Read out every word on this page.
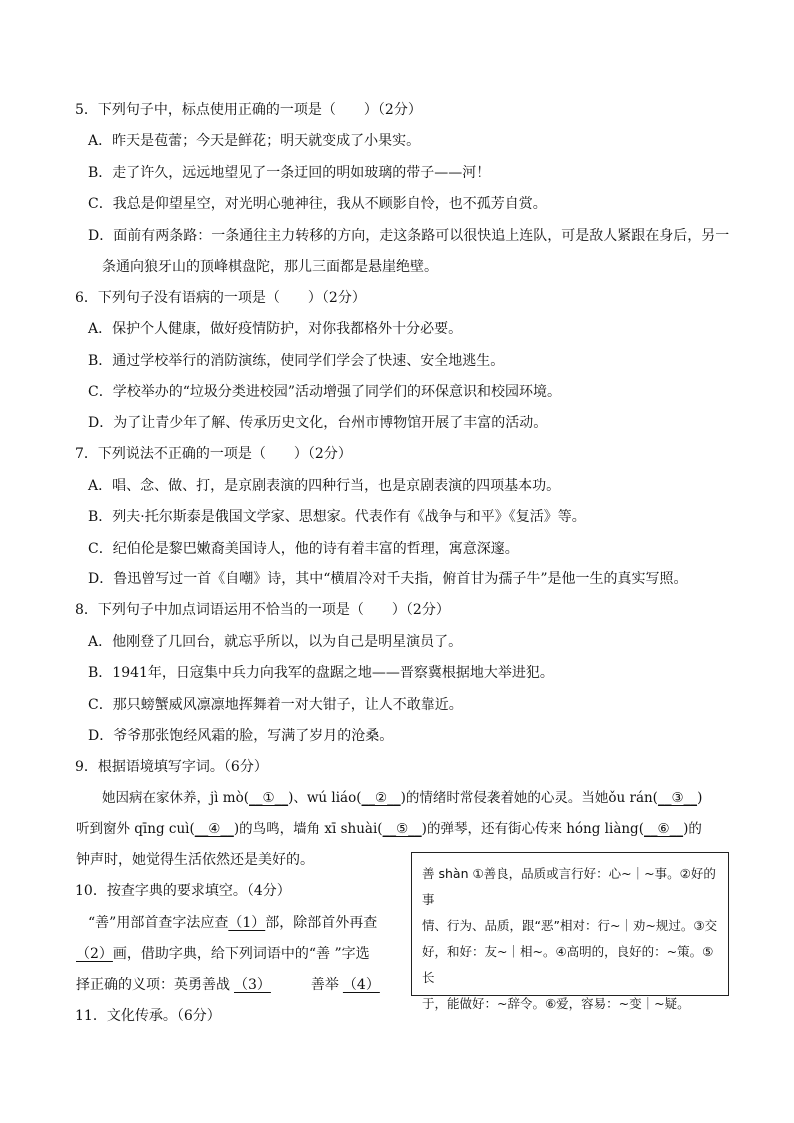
5．下列句子中，标点使用正确的一项是（　　）（2分）
A．昨天是苞蕾；今天是鲜花；明天就变成了小果实。
B．走了许久，远远地望见了一条迂回的明如玻璃的带子——河！
C．我总是仰望星空，对光明心驰神往，我从不顾影自怜，也不孤芳自赏。
D．面前有两条路：一条通往主力转移的方向，走这条路可以很快追上连队，可是敌人紧跟在身后，另一
条通向狼牙山的顶峰棋盘陀，那儿三面都是悬崖绝壁。
6．下列句子没有语病的一项是（　　）（2分）
A．保护个人健康，做好疫情防护，对你我都格外十分必要。
B．通过学校举行的消防演练，使同学们学会了快速、安全地逃生。
C．学校举办的“垃圾分类进校园”活动增强了同学们的环保意识和校园环境。
D．为了让青少年了解、传承历史文化，台州市博物馆开展了丰富的活动。
7．下列说法不正确的一项是（　　）（2分）
A．唱、念、做、打，是京剧表演的四种行当，也是京剧表演的四项基本功。
B．列夫·托尔斯泰是俄国文学家、思想家。代表作有《战争与和平》《复活》等。
C．纪伯伦是黎巴嫩裔美国诗人，他的诗有着丰富的哲理，寓意深邃。
D．鲁迅曾写过一首《自嘲》诗，其中“横眉冷对千夫指，俯首甘为孺子牛”是他一生的真实写照。
8．下列句子中加点词语运用不恰当的一项是（　　）（2分）
A．他刚登了几回台，就忘乎所以，以为自己是明星演员了。
B．1941年，日寇集中兵力向我军的盘踞之地——晋察冀根据地大举进犯。
C．那只螃蟹威风凛凛地挥舞着一对大钳子，让人不敢靠近。
D．爷爷那张饱经风霜的脸，写满了岁月的沧桑。
9．根据语境填写字词。（6分）
她因病在家休养，jì mò(__①__)、wú liáo(__②__)的情绪时常侵袭着她的心灵。当她ǒu rán(__③__)
听到窗外 qīng cuì(__④__)的鸟鸣，墙角 xī shuài(__⑤__)的弹琴，还有街心传来 hóng liàng(__⑥__)的
钟声时，她觉得生活依然还是美好的。
10．按查字典的要求填空。（4分）
“善”用部首查字法应查（1）部，除部首外再查
（2）画，借助字典，给下列词语中的“善 ”字选
择正确的义项：英勇善战 （3）	善举 （4）
善 shàn ①善良，品质或言行好：心~｜~事。②好的事
情、行为、品质，跟“恶”相对：行~｜劝~规过。③交
好，和好：友~｜相~。④高明的，良好的：~策。⑤长
于，能做好：~辞令。⑥爱，容易：~变｜~疑。
11．文化传承。（6分）
